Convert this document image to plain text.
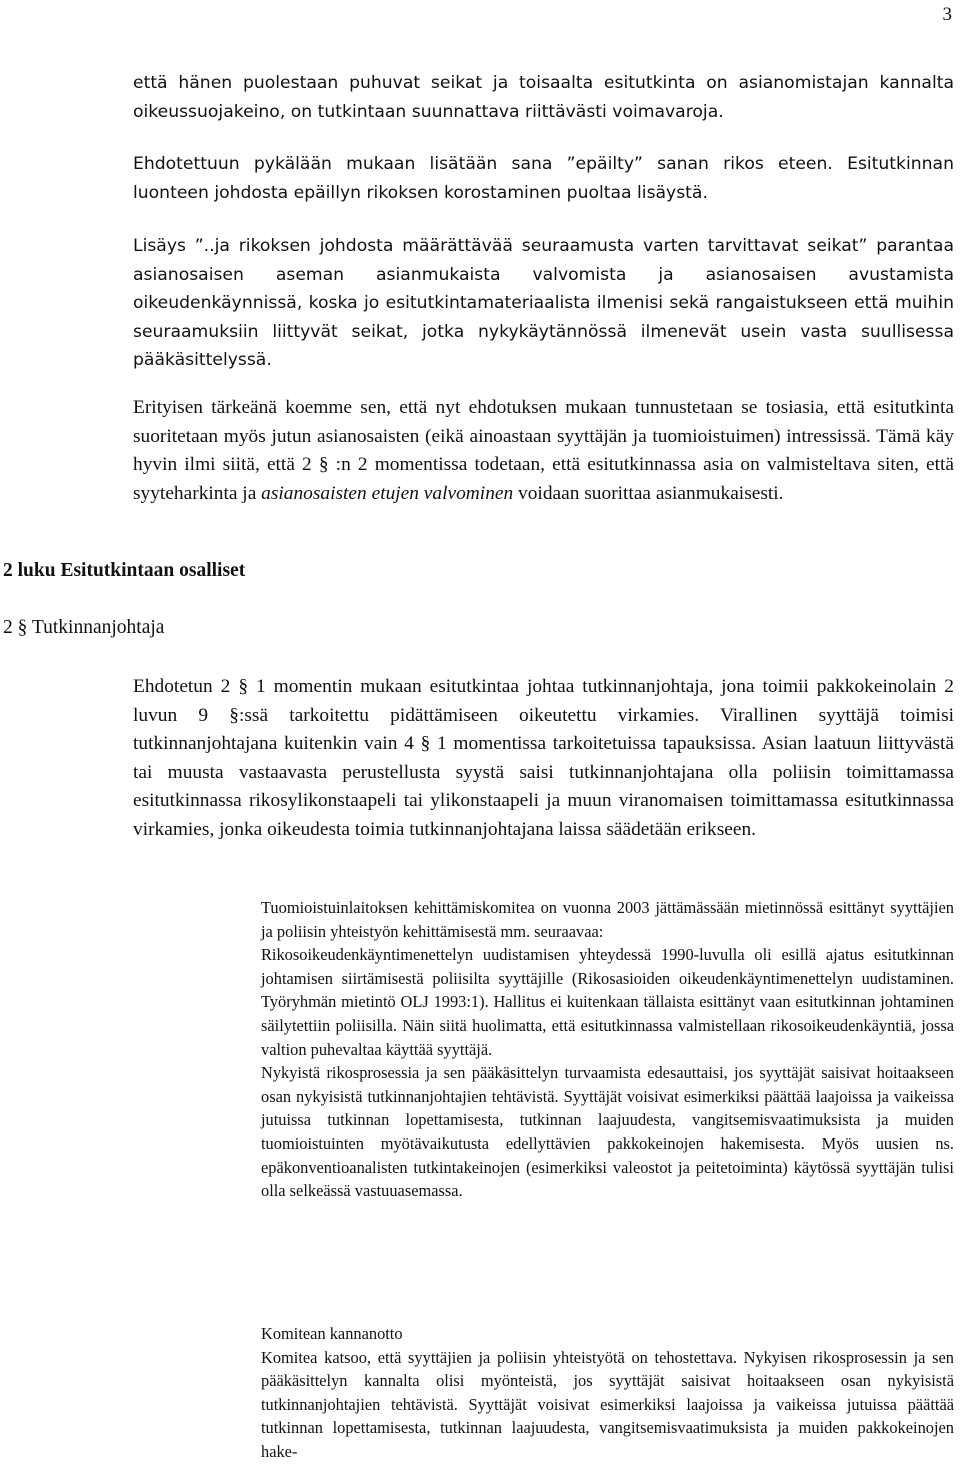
3

että hänen puolestaan puhuvat seikat ja toisaalta esitutkinta on asianomistajan kannalta oikeussuojakeino, on tutkintaan suunnattava riittävästi voimavaroja.

Ehdotettuun pykälään mukaan lisätään sana ”epäilty” sanan rikos eteen. Esitutkinnan luonteen johdosta epäillyn rikoksen korostaminen puoltaa lisäystä.

Lisäys ”..ja rikoksen johdosta määrättävää seuraamusta varten tarvittavat seikat” parantaa asianosaisen aseman asianmukaista valvomista ja asianosaisen avustamista oikeudenkäynnissä, koska jo esitutkintamateriaalista ilmenisi sekä rangaistukseen että muihin seuraamuksiin liittyvät seikat, jotka nykykäytännössä ilmenevät usein vasta suullisessa pääkäsittelyssä.

Erityisen tärkeänä koemme sen, että nyt ehdotuksen mukaan tunnustetaan se tosiasia, että esitutkinta suoritetaan myös jutun asianosaisten (eikä ainoastaan syyttäjän ja tuomioistuimen) intressissä. Tämä käy hyvin ilmi siitä, että 2 § :n 2 momentissa todetaan, että esitutkinnassa asia on valmisteltava siten, että syyteharkinta ja asianosaisten etujen valvominen voidaan suorittaa asianmukaisesti.

2 luku Esitutkintaan osalliset
2 § Tutkinnanjohtaja

Ehdotetun 2 § 1 momentin mukaan esitutkintaa johtaa tutkinnanjohtaja, jona toimii pakkokeinolain 2 luvun 9 §:ssä tarkoitettu pidättämiseen oikeutettu virkamies. Virallinen syyttäjä toimisi tutkinnanjohtajana kuitenkin vain 4 § 1 momentissa tarkoitetuissa tapauksissa. Asian laatuun liittyvästä tai muusta vastaavasta perustellusta syystä saisi tutkinnanjohtajana olla poliisin toimittamassa esitutkinnassa rikosylikonstaapeli tai ylikonstaapeli ja muun viranomaisen toimittamassa esitutkinnassa virkamies, jonka oikeudesta toimia tutkinnanjohtajana laissa säädetään erikseen.

Tuomioistuinlaitoksen kehittämiskomitea on vuonna 2003 jättämässään mietinnössä esittänyt syyttäjien ja poliisin yhteistyön kehittämisestä mm. seuraavaa:
Rikosoikeudenkäyntimenettelyn uudistamisen yhteydessä 1990-luvulla oli esillä ajatus esitutkinnan johtamisen siirtämisestä poliisilta syyttäjille (Rikosasioiden oikeudenkäyntimenettelyn uudistaminen. Työryhmän mietintö OLJ 1993:1). Hallitus ei kuitenkaan tällaista esittänyt vaan esitutkinnan johtaminen säilytettiin poliisilla. Näin siitä huolimatta, että esitutkinnassa valmistellaan rikosoikeudenkäyntiä, jossa valtion puhevaltaa käyttää syyttäjä.
Nykyistä rikosprosessia ja sen pääkäsittelyn turvaamista edesauttaisi, jos syyttäjät saisivat hoitaakseen osan nykyisistä tutkinnanjohtajien tehtävistä. Syyttäjät voisivat esimerkiksi päättää laajoissa ja vaikeissa jutuissa tutkinnan lopettamisesta, tutkinnan laajuudesta, vangitsemisvaatimuksista ja muiden tuomioistuinten myötävaikutusta edellyttävien pakkokeinojen hakemisesta. Myös uusien ns. epäkonventioanalisten tutkintakeinojen (esimerkiksi valeostot ja peitetoiminta) käytössä syyttäjän tulisi olla selkeässä vastuuasemassa.
Komitean kannanotto
Komitea katsoo, että syyttäjien ja poliisin yhteistyötä on tehostettava. Nykyisen rikosprosessin ja sen pääkäsittelyn kannalta olisi myönteistä, jos syyttäjät saisivat hoitaakseen osan nykyisistä tutkinnanjohtajien tehtävistä. Syyttäjät voisivat esimerkiksi laajoissa ja vaikeissa jutuissa päättää tutkinnan lopettamisesta, tutkinnan laajuudesta, vangitsemisvaatimuksista ja muiden pakkokeinojen hake-
